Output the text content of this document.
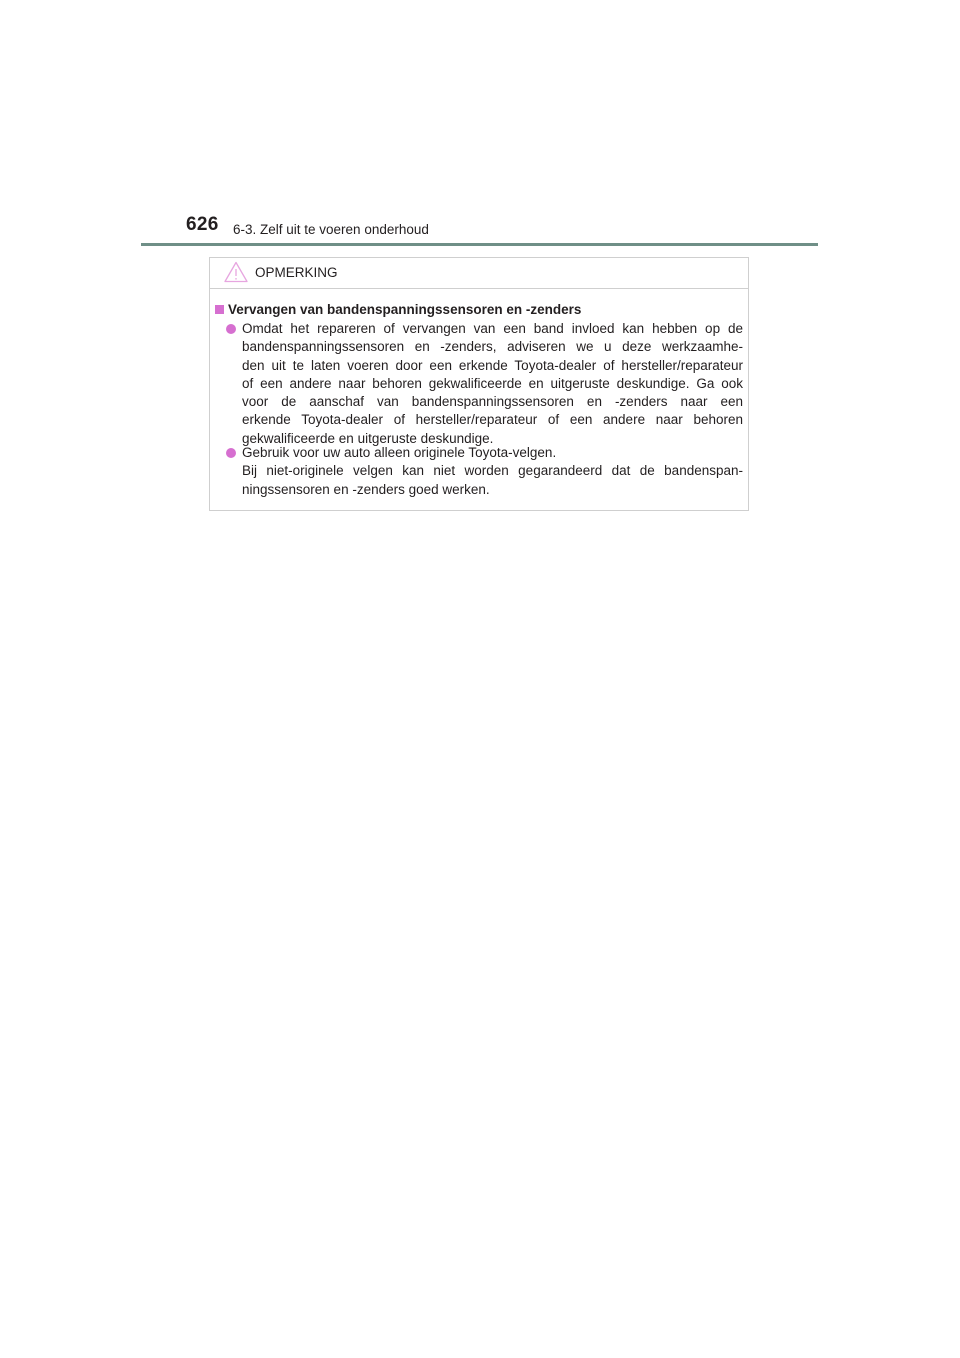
626 6-3. Zelf uit te voeren onderhoud
OPMERKING
Vervangen van bandenspanningssensoren en -zenders
Omdat het repareren of vervangen van een band invloed kan hebben op de
bandenspanningssensoren en -zenders, adviseren we u deze werkzaamhe-
den uit te laten voeren door een erkende Toyota-dealer of hersteller/reparateur
of een andere naar behoren gekwalificeerde en uitgeruste deskundige. Ga ook
voor de aanschaf van bandenspanningssensoren en -zenders naar een
erkende Toyota-dealer of hersteller/reparateur of een andere naar behoren
gekwalificeerde en uitgeruste deskundige.
Gebruik voor uw auto alleen originele Toyota-velgen.
Bij niet-originele velgen kan niet worden gegarandeerd dat de bandenspan-
ningssensoren en -zenders goed werken.
